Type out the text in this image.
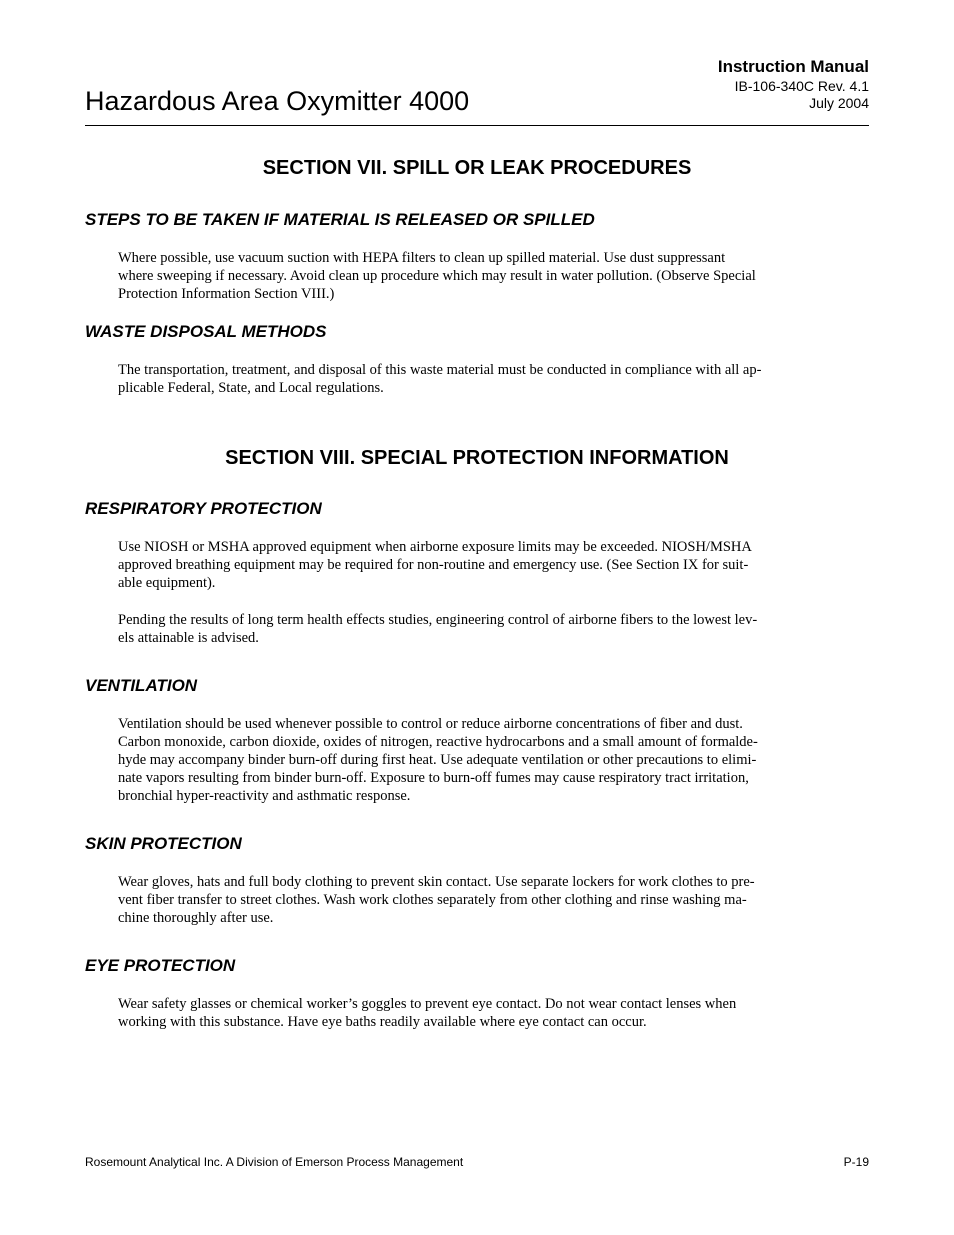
Hazardous Area Oxymitter 4000
Instruction Manual
IB-106-340C Rev. 4.1
July 2004
SECTION VII. SPILL OR LEAK PROCEDURES
STEPS TO BE TAKEN IF MATERIAL IS RELEASED OR SPILLED

Where possible, use vacuum suction with HEPA filters to clean up spilled material. Use dust suppressant
where sweeping if necessary. Avoid clean up procedure which may result in water pollution. (Observe Special
Protection Information Section VIII.)

WASTE DISPOSAL METHODS

The transportation, treatment, and disposal of this waste material must be conducted in compliance with all ap-
plicable Federal, State, and Local regulations.

SECTION VIII. SPECIAL PROTECTION INFORMATION
RESPIRATORY PROTECTION

Use NIOSH or MSHA approved equipment when airborne exposure limits may be exceeded. NIOSH/MSHA
approved breathing equipment may be required for non-routine and emergency use. (See Section IX for suit-
able equipment).

Pending the results of long term health effects studies, engineering control of airborne fibers to the lowest lev-
els attainable is advised.

VENTILATION

Ventilation should be used whenever possible to control or reduce airborne concentrations of fiber and dust.
Carbon monoxide, carbon dioxide, oxides of nitrogen, reactive hydrocarbons and a small amount of formalde-
hyde may accompany binder burn-off during first heat. Use adequate ventilation or other precautions to elimi-
nate vapors resulting from binder burn-off. Exposure to burn-off fumes may cause respiratory tract irritation,
bronchial hyper-reactivity and asthmatic response.

SKIN PROTECTION

Wear gloves, hats and full body clothing to prevent skin contact. Use separate lockers for work clothes to pre-
vent fiber transfer to street clothes. Wash work clothes separately from other clothing and rinse washing ma-
chine thoroughly after use.

EYE PROTECTION

Wear safety glasses or chemical worker’s goggles to prevent eye contact. Do not wear contact lenses when
working with this substance. Have eye baths readily available where eye contact can occur.

Rosemount Analytical Inc. A Division of Emerson Process Management	P-19
